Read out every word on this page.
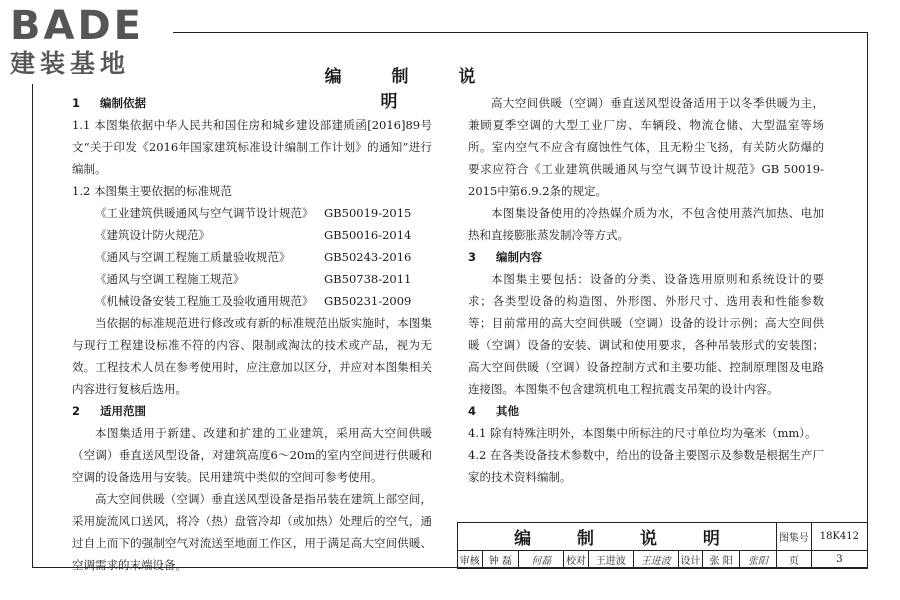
BADE
建装基地	编 制 说 明

1 编制依据

1.1 本图集依据中华人民共和国住房和城乡建设部建质函[2016]89号文“关于印发《2016年国家建筑标准设计编制工作计划》的通知”进行编制。

1.2 本图集主要依据的标准规范

《工业建筑供暖通风与空气调节设计规范》 GB50019-2015
《建筑设计防火规范》	GB50016-2014
《通风与空调工程施工质量验收规范》	GB50243-2016
《通风与空调工程施工规范》	GB50738-2011
《机械设备安装工程施工及验收通用规范》 GB50231-2009

当依据的标准规范进行修改或有新的标准规范出版实施时，本图集与现行工程建设标准不符的内容、限制或淘汰的技术或产品，视为无效。工程技术人员在参考使用时，应注意加以区分，并应对本图集相关内容进行复核后选用。

2 适用范围

本图集适用于新建、改建和扩建的工业建筑，采用高大空间供暖（空调）垂直送风型设备，对建筑高度6～20m的室内空间进行供暖和空调的设备选用与安装。民用建筑中类似的空间可参考使用。

高大空间供暖（空调）垂直送风型设备是指吊装在建筑上部空间，采用旋流风口送风，将冷（热）盘管冷却（或加热）处理后的空气，通过自上而下的强制空气对流送至地面工作区，用于满足高大空间供暖、空调需求的末端设备。

高大空间供暖（空调）垂直送风型设备适用于以冬季供暖为主，兼顾夏季空调的大型工业厂房、车辆段、物流仓储、大型温室等场所。室内空气不应含有腐蚀性气体，且无粉尘飞扬，有关防火防爆的要求应符合《工业建筑供暖通风与空气调节设计规范》GB 50019-2015中第6.9.2条的规定。

本图集设备使用的冷热媒介质为水，不包含使用蒸汽加热、电加热和直接膨胀蒸发制冷等方式。

3 编制内容

本图集主要包括：设备的分类、设备选用原则和系统设计的要求；各类型设备的构造图、外形图、外形尺寸、选用表和性能参数等；目前常用的高大空间供暖（空调）设备的设计示例；高大空间供暖（空调）设备的安装、调试和使用要求，各种吊装形式的安装图；高大空间供暖（空调）设备控制方式和主要功能、控制原理图及电路连接图。本图集不包含建筑机电工程抗震支吊架的设计内容。

4 其他

4.1 除有特殊注明外，本图集中所标注的尺寸单位均为毫米（mm）。

4.2 在各类设备技术参数中，给出的设备主要图示及参数是根据生产厂家的技术资料编制。

编 制 说 明									图集号	18K412
审核	钟 磊	何磊	校对	王进波	王进波	设计	张 阳	张阳	页	3
